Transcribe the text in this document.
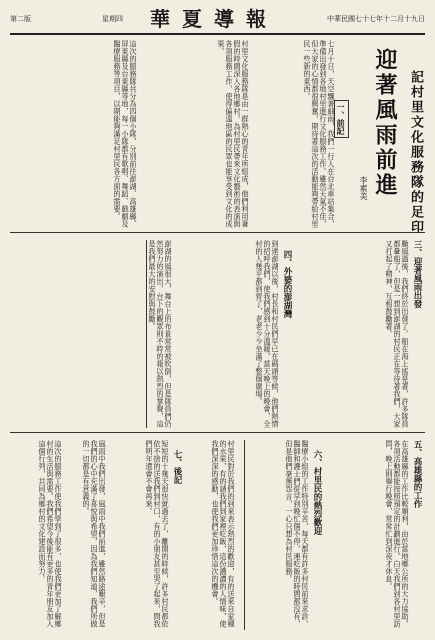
第二版	星期四 華夏導報	中華民國七十七年十二月十九日
迎著風雨前進 記村里文化服務隊的足印
李素美
一、前記
七月十日，天空飄著細雨，我們一行人在台北車站集合，準備出發到各地村里進行文化服務工作。雖然天氣不佳，但大家的心情都很興奮，期待著這次的活動能夠帶給村里民一些新的東西。
村里文化服務隊是由一群熱心的青年所組成，他們利用暑假的時間深入各地鄉村，為村里民帶來文化藝術的表演與各項服務工作，使得偏遠地區的民眾也能享受到文化的成果。
這次的服務隊共分為四個小隊，分別前往澎湖、高雄縣、屏東縣及台東縣等地，每一小隊都有歌唱、舞蹈、戲劇及醫療服務等項目，以期能夠滿足村里民各方面的需要。
三、迎著風雨出發
颱風過後，我們終於出發了。船在海上搖晃著，許多隊員都暈船了，但是一想到澎湖的村民正在等待著我們，大家又打起了精神，互相鼓勵著。
四、外婆的澎湖灣
到達澎湖以後，村長和村民們早已在碼頭等候，他們熱情的招呼我們，使我們感到十分溫暖。當天晚上的晚會，全村的人幾乎都到齊了，老老少少坐滿了整個廣場。
澎湖的風很大，舞台上的布景常常被吹倒，但是隊員們仍然努力的演出，台下的觀眾則不時的報以熱烈的掌聲，這是我們最大的安慰與鼓勵。
五、高雄縣的工作
在高雄縣的工作比較順利，由於當地鄉公所的大力協助，各項活動都能按照預定的計劃進行。白天我們到各村里訪問，晚上則舉行晚會，常常忙到深夜才休息。
六、村里民的熱烈歡迎
醫療小組的工作特別辛苦，每天都有許多村民前來求診，醫師和護士們從早到晚忙個不停，連吃飯的時間都沒有，但是他們毫無怨言，一心只想為村民服務。
村里民對於我們的到來表示熱烈的歡迎，有的送來自家種的水果，有的請我們到家裡吃飯，這份濃濃的人情味，使我們深深的感動，也使我們更加珍惜這次的機會。
七、後記
短短的十幾天很快就過去了，離開的時候，許多村民都依依不捨的送我們到村口，有的小朋友甚至哭了起來，問我們明年還會不會再來。
這次的服務工作使我們學到了很多，也使我們更加了解鄉村的生活與需要。我們希望今後能有更多的青年朋友加入這個行列，共同為鄉村的文化建設而努力。	風雨中我們出發，風雨中我們前進，雖然路途艱辛，但是我們的心中充滿了喜悅與希望，因為我們知道，我們所做的一切都是有意義的。
